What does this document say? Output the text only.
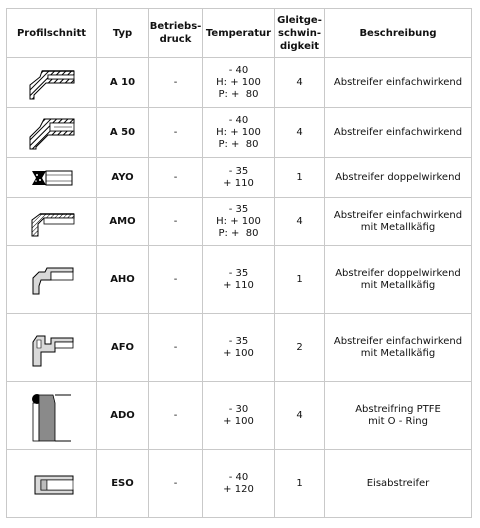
Profilschnitt	Typ	Betriebs-
druck	Temperatur	Gleitge-
schwin-
digkeit	Beschreibung

	A 10	-	- 40
H: + 100
P: +  80	4	Abstreifer einfachwirkend

	A 50	-	- 40
H: + 100
P: +  80	4	Abstreifer einfachwirkend

	AYO	-	- 35
+ 110	1	Abstreifer doppelwirkend

	AMO	-	- 35
H: + 100
P: +  80	4	Abstreifer einfachwirkend
mit Metallkäfig

	AHO	-	- 35
+ 110	1	Abstreifer doppelwirkend
mit Metallkäfig

	AFO	-	- 35
+ 100	2	Abstreifer einfachwirkend
mit Metallkäfig

	ADO	-	- 30
+ 100	4	Abstreifring PTFE
mit O - Ring

	ESO	-	- 40
+ 120	1	Eisabstreifer
